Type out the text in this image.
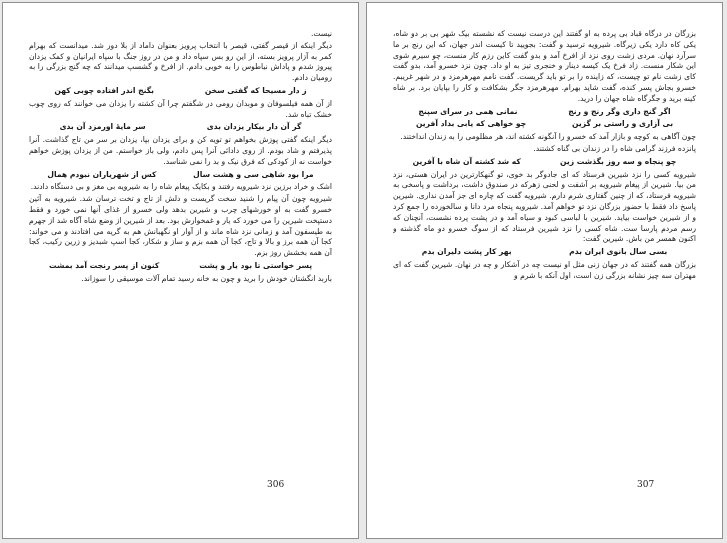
نیست.

دیگر اینکه از قیصر گفتی، قیصر با انتخاب پرویز بعنوان داماد از بلا دور شد. میدانست که بهرام کمر به آزار پرویز بسته، از این رو بس سپاه داد و من در روز جنگ با سپاه ایرانیان و کمک یزدان پیروز شدم و پاداش نیاطوس را به خوبی دادم. از افرخ و گشسپ میدانند که چه گنج بزرگی را به رومیان دادم.

ز دار مسیحا که گفتی سخن
بگنج اندر افتاده چوبی کهن

از آن همه فیلسوفان و موبدان رومی در شگفتم چرا آن کشته را یزدان می خوانند که روی چوب خشک تباه شد.

گر آن دار بیکار یزدان بدی
سر مایهٔ اورمزد آن بدی

دیگر اینکه گفتی پوزش بخواهم تو تویه کن و برای یزدان بپا، یزدان بر سر من تاج گذاشت. آنرا پذیرفتم و شاد بودم. از روی دادائی آنرا پس دادم، ولی باز خواستم. من از یزدان پوزش خواهم خواست نه از کودکی که فرق نیک و بد را نمی شناسد.

مرا بود شاهی سی و هشت سال
کس از شهریاران نبودم همال

اشک و خراد برزین نزد شیرویه رفتند و بکایک پیغام شاه را به شیرویه بی مغز و بی دستگاه دادند.

شیرویه چون آن پیام را شنید سخت گریست و دلش از تاج و تخت ترسان شد. شیرویه به آئین خسرو گفت به او خورشهای چرب و شیرین بدهد ولی خسرو از غذای آنها نمی خورد و فقط دستپخت شیرین را می خورد که یار و غمخوارش بود. بعد از شیرین از وضع شاه آگاه شد از جهرم به طیسفون آمد و زمانی نزد شاه ماند و از آوار او نگهبانش هم به گریه می افتادند و می خواند: کجا آن همه برز و بالا و تاج، کجا آن همه بزم و ساز و شکار، کجا اسپ شبدیز و زرین رکیب، کجا آن همه بخشش روز بزم.

پسر خواستی تا بود یار و پشت
کنون از پسر رنجت آمد بمشت

باربد انگشتان خودش را برید و چون به خانه رسید تمام آلات موسیقی را سوزاند.

306

بزرگان در درگاه قباد بی پرده به او گفتند این درست نیست که نشسته بیک شهر بی بر دو شاه، یکی کاه دارد یکی زیرگاه. شیرویه ترسید و گفت: بجویید تا کیست اندر جهان، که این رنج بر ما سرآرد نهان. مردی زشت روی نزد از افرخ آمد و بدو گفت کاین رزم کار منست، چو سیرم شوی این شکار منست. زاد فرخ یک کیسه دینار و خنجری تیز به او داد. چون نزد خسرو آمد، بدو گفت کای زشت نام تو چیست، که زاینده را بر تو باید گریست. گفت نامم مهرهرمزد و در شهر غریبم. خسرو بجاش پسر کنده، گفت شاید بهرام. مهرهرمزد جگر بشکافت و کار را بپایان برد. بر شاه کینه برید و جگرگاه شاه جهان را درید.

اگر گنج داری وگر رنج و رنج
نمانی همی در سرای سپنج
بی آزاری و راستی بر گزین
چو خواهی که یابی بداد آفرین

چون آگاهی به کوچه و بازار آمد که خسرو را آنگونه کشته اند، هر مظلومی را به زندان انداختند.

پانزده فرزند گرامی شاه را در زندان بی گناه کشتند.

چو پنجاه و سه روز بگذشت زین
که شد کشته آن شاه با آفرین

شیرویه کسی را نزد شیرین فرستاد که ای جادوگر بد خوی، تو گنهکارترین در ایران هستی، نزد من بیا. شیرین از پیغام شیرویه بر آشفت و لحنی زهرکه در صندوق داشت، برداشت و پاسخی به شیرویه فرستاد، که از چنین گفتاری شرم دارم. شیرویه گفت که چاره ای جز آمدن نداری. شیرین پاسخ داد فقط با حضور بزرگان نزد تو خواهم آمد. شیرویه پنجاه مرد دانا و سالخورده را جمع کرد و از شیرین خواست بیاید. شیرین با لباسی کبود و سیاه آمد و در پشت پرده نشست، آنچنان که رسم مردم پارسا ست. شاه کسی را نزد شیرین فرستاد که از سوگ خسرو دو ماه گذشته و اکنون همسر من باش. شیرین گفت:

بسی سال بانوی ایران بدم
بهر کار پشت دلیران بدم

بزرگان همه گفتند که در جهان زنی مثل او نیست چه در آشکار و چه در نهان. شیرین گفت که ای مهتران سه چیز نشانه بزرگی زن است، اول آنکه با شرم و

307
